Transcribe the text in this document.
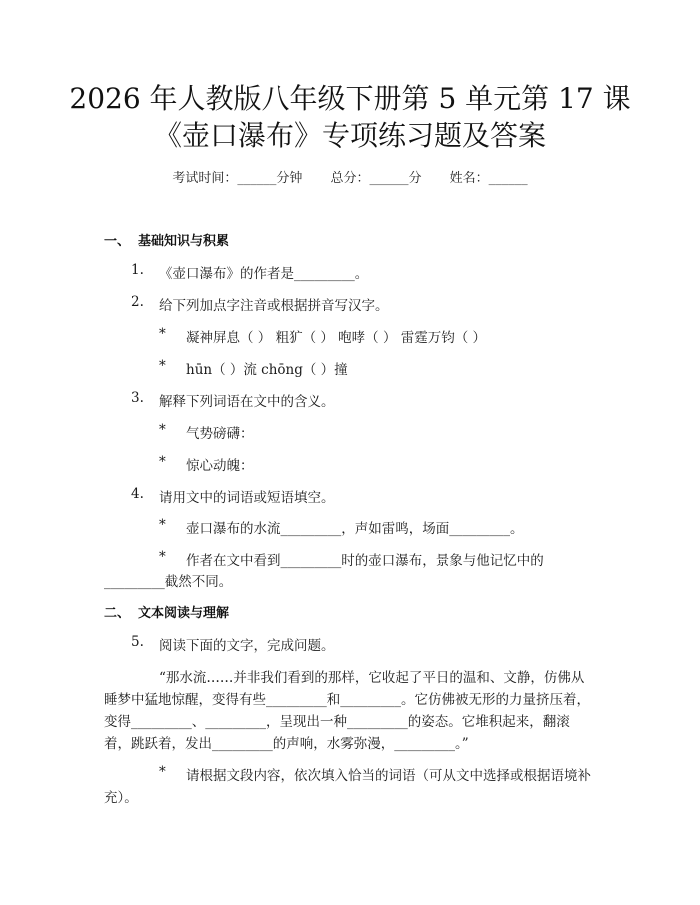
2026 年人教版八年级下册第 5 单元第 17 课
《壶口瀑布》专项练习题及答案
考试时间：______分钟 总分：______分 姓名：______
一、 基础知识与积累
1. 《壶口瀑布》的作者是_________。
2. 给下列加点字注音或根据拼音写汉字。
* 凝神屏息（ ） 粗犷（ ） 咆哮（ ） 雷霆万钧（ ）
* hūn（ ）流 chōng（ ）撞
3. 解释下列词语在文中的含义。
* 气势磅礴：
* 惊心动魄：
4. 请用文中的词语或短语填空。
* 壶口瀑布的水流_________，声如雷鸣，场面_________。
* 作者在文中看到_________时的壶口瀑布，景象与他记忆中的
_________截然不同。
二、 文本阅读与理解
5. 阅读下面的文字，完成问题。
“那水流……并非我们看到的那样，它收起了平日的温和、文静，仿佛从
睡梦中猛地惊醒，变得有些_________和_________。它仿佛被无形的力量挤压着，
变得_________、_________，呈现出一种_________的姿态。它堆积起来，翻滚
着，跳跃着，发出_________的声响，水雾弥漫，_________。”
* 请根据文段内容，依次填入恰当的词语（可从文中选择或根据语境补
充）。
